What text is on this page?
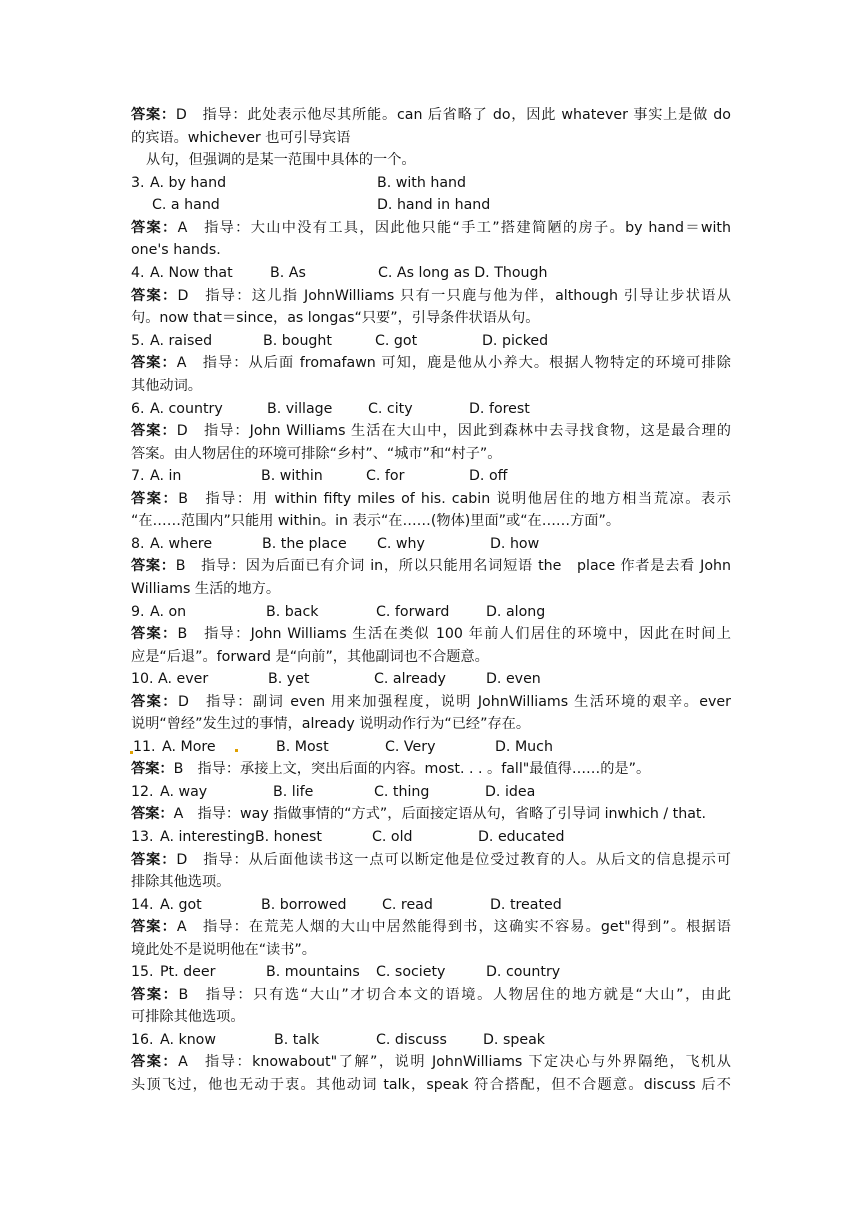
答案：D　指导：此处表示他尽其所能。can 后省略了 do，因此 whatever 事实上是做 do
的宾语。whichever 也可引导宾语
从句，但强调的是某一范围中具体的一个。
3. A. by hand	B. with hand
C. a hand	D. hand in hand
答案：A　指导：大山中没有工具，因此他只能“手工”搭建简陋的房子。by hand＝with
one's hands.
4. A. Now that	B. As	C. As long as D. Though
答案：D　指导：这儿指 JohnWilliams 只有一只鹿与他为伴，although 引导让步状语从
句。now that＝since，as longas“只要”，引导条件状语从句。
5. A. raised	B. bought	C. got	D. picked
答案：A　指导：从后面 fromafawn 可知，鹿是他从小养大。根据人物特定的环境可排除
其他动词。
6. A. country	B. village	C. city	D. forest
答案：D　指导：John Williams 生活在大山中，因此到森林中去寻找食物，这是最合理的
答案。由人物居住的环境可排除“乡村”、“城市”和“村子”。
7. A. in	B. within	C. for	D. off
答案：B　指导：用 within fifty miles of his. cabin 说明他居住的地方相当荒凉。表示
“在……范围内”只能用 within。in 表示“在……(物体)里面”或“在……方面”。
8. A. where	B. the place C. why	D. how
答案：B　指导：因为后面已有介词 in，所以只能用名词短语 the　place 作者是去看 John
Williams 生活的地方。
9. A. on	B. back	C. forward	D. along
答案：B　指导：John Williams 生活在类似 100 年前人们居住的环境中，因此在时间上
应是“后退”。forward 是“向前”，其他副词也不合题意。
10. A. ever	B. yet	C. already	D. even
答案：D　指导：副词 even 用来加强程度，说明 JohnWilliams 生活环境的艰辛。ever
说明“曾经”发生过的事情，already 说明动作行为“已经”存在。
11. A. More	B. Most	C. Very	D. Much
答案：B　指导：承接上文，突出后面的内容。most. . . 。fall"最值得……的是”。
12. A. way	B. life	C. thing	D. idea
答案：A　指导：way 指做事情的“方式”，后面接定语从句，省略了引导词 inwhich / that.
13. A. interestingB. honest	C. old	D. educated
答案：D　指导：从后面他读书这一点可以断定他是位受过教育的人。从后文的信息提示可
排除其他选项。
14. A. got	B. borrowed C. read	D. treated
答案：A　指导：在荒芜人烟的大山中居然能得到书，这确实不容易。get"得到”。根据语
境此处不是说明他在“读书”。
15. Pt. deer	B. mountains C. society	D. country
答案：B　指导：只有选“大山”才切合本文的语境。人物居住的地方就是“大山”，由此
可排除其他选项。
16. A. know	B. talk	C. discuss	D. speak
答案：A　指导：knowabout"了解”，说明 JohnWilliams 下定决心与外界隔绝，飞机从
头顶飞过，他也无动于衷。其他动词 talk，speak 符合搭配，但不合题意。discuss 后不
